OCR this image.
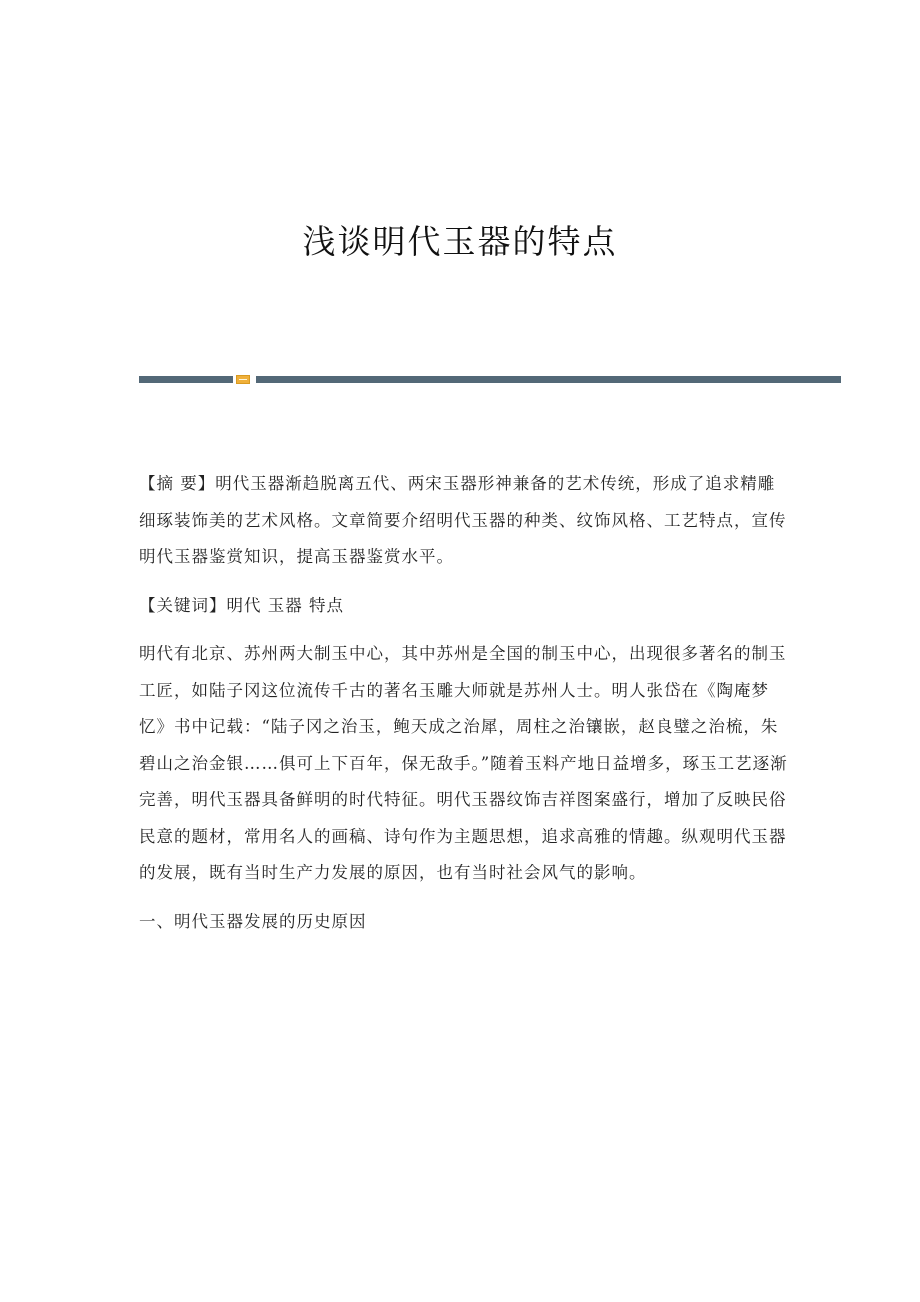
浅谈明代玉器的特点

【摘 要】明代玉器渐趋脱离五代、两宋玉器形神兼备的艺术传统，形成了追求精雕细琢装饰美的艺术风格。文章简要介绍明代玉器的种类、纹饰风格、工艺特点，宣传明代玉器鉴赏知识，提高玉器鉴赏水平。

【关键词】明代 玉器 特点

明代有北京、苏州两大制玉中心，其中苏州是全国的制玉中心，出现很多著名的制玉工匠，如陆子冈这位流传千古的著名玉雕大师就是苏州人士。明人张岱在《陶庵梦忆》书中记载：“陆子冈之治玉，鲍天成之治犀，周柱之治镶嵌，赵良璧之治梳，朱碧山之治金银……俱可上下百年，保无敌手。”随着玉料产地日益增多，琢玉工艺逐渐完善，明代玉器具备鲜明的时代特征。明代玉器纹饰吉祥图案盛行，增加了反映民俗民意的题材，常用名人的画稿、诗句作为主题思想，追求高雅的情趣。纵观明代玉器的发展，既有当时生产力发展的原因，也有当时社会风气的影响。

一、明代玉器发展的历史原因
